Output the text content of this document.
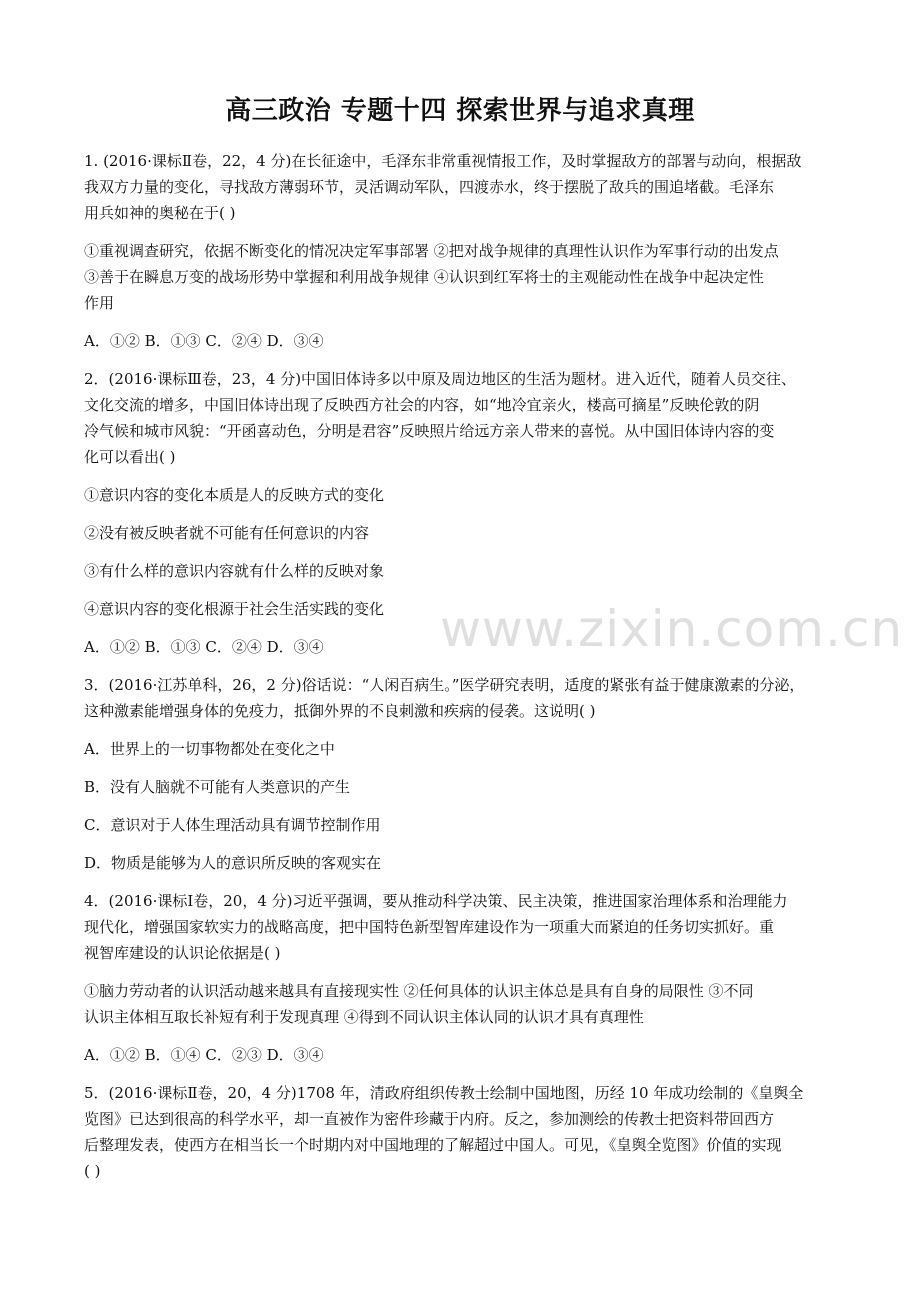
高三政治 专题十四 探索世界与追求真理
www.zixin.com.cn
1. (2016·课标Ⅱ卷，22，4 分)在长征途中，毛泽东非常重视情报工作，及时掌握敌方的部署与动向，根据敌
我双方力量的变化，寻找敌方薄弱环节，灵活调动军队，四渡赤水，终于摆脱了敌兵的围追堵截。毛泽东
用兵如神的奥秘在于( )
①重视调查研究，依据不断变化的情况决定军事部署 ②把对战争规律的真理性认识作为军事行动的出发点
③善于在瞬息万变的战场形势中掌握和利用战争规律 ④认识到红军将士的主观能动性在战争中起决定性
作用
A．①② B．①③ C．②④ D．③④
2．(2016·课标Ⅲ卷，23，4 分)中国旧体诗多以中原及周边地区的生活为题材。进入近代，随着人员交往、
文化交流的增多，中国旧体诗出现了反映西方社会的内容，如“地冷宜亲火，楼高可摘星”反映伦敦的阴
冷气候和城市风貌：“开函喜动色，分明是君容”反映照片给远方亲人带来的喜悦。从中国旧体诗内容的变
化可以看出( )
①意识内容的变化本质是人的反映方式的变化
②没有被反映者就不可能有任何意识的内容
③有什么样的意识内容就有什么样的反映对象
④意识内容的变化根源于社会生活实践的变化
A．①② B．①③ C．②④ D．③④
3．(2016·江苏单科，26，2 分)俗话说：“人闲百病生。”医学研究表明，适度的紧张有益于健康激素的分泌，
这种激素能增强身体的免疫力，抵御外界的不良刺激和疾病的侵袭。这说明( )
A．世界上的一切事物都处在变化之中
B．没有人脑就不可能有人类意识的产生
C．意识对于人体生理活动具有调节控制作用
D．物质是能够为人的意识所反映的客观实在
4．(2016·课标Ⅰ卷，20，4 分)习近平强调，要从推动科学决策、民主决策，推进国家治理体系和治理能力
现代化，增强国家软实力的战略高度，把中国特色新型智库建设作为一项重大而紧迫的任务切实抓好。重
视智库建设的认识论依据是( )
①脑力劳动者的认识活动越来越具有直接现实性 ②任何具体的认识主体总是具有自身的局限性 ③不同
认识主体相互取长补短有利于发现真理 ④得到不同认识主体认同的认识才具有真理性
A．①② B．①④ C．②③ D．③④
5．(2016·课标Ⅱ卷，20，4 分)1708 年，清政府组织传教士绘制中国地图，历经 10 年成功绘制的《皇舆全
览图》已达到很高的科学水平，却一直被作为密件珍藏于内府。反之，参加测绘的传教士把资料带回西方
后整理发表，使西方在相当长一个时期内对中国地理的了解超过中国人。可见，《皇舆全览图》价值的实现
( )
